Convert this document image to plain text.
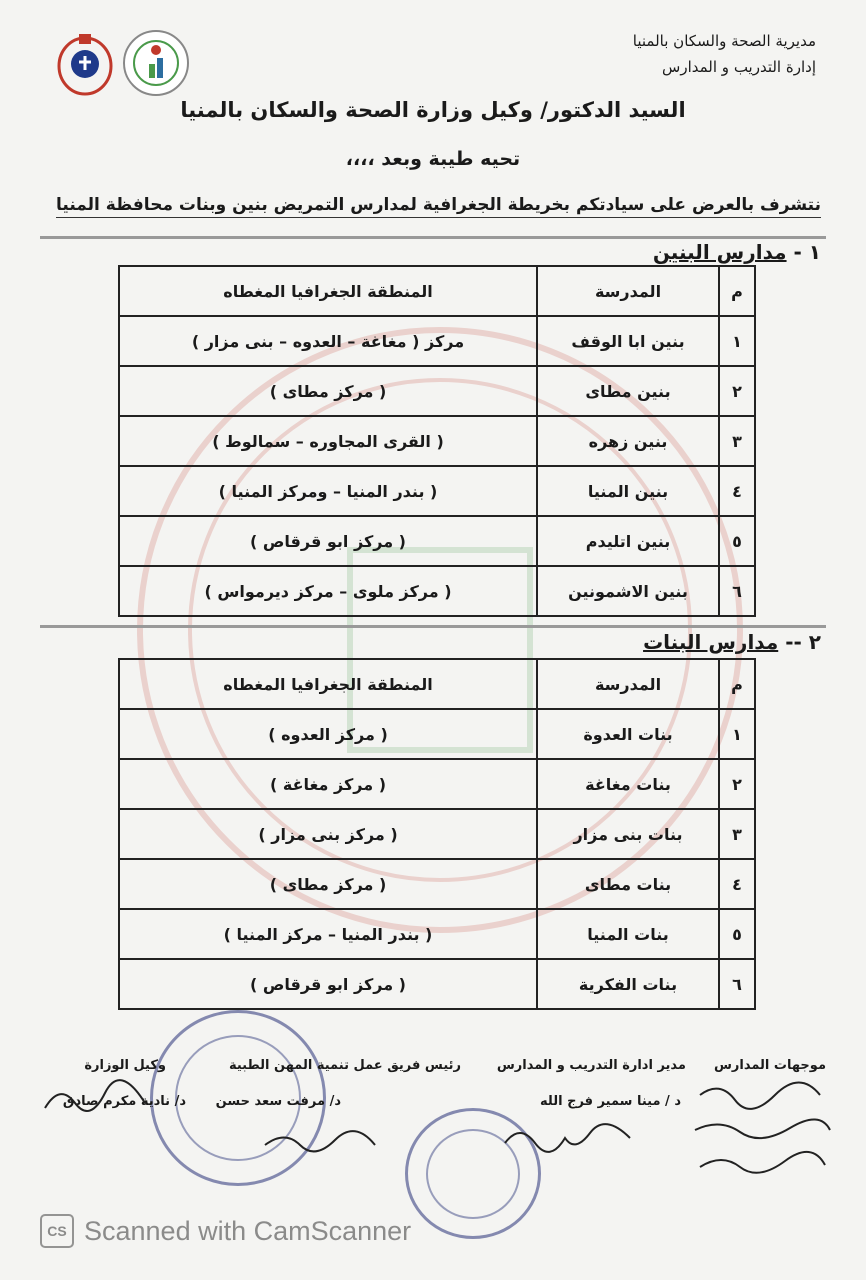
مديرية الصحة والسكان بالمنيا
إدارة التدريب و المدارس
السيد الدكتور/ وكيل وزارة الصحة والسكان بالمنيا
تحيه طيبة وبعد ،،،،
نتشرف بالعرض على سيادتكم بخريطة الجغرافية لمدارس التمريض بنين وبنات محافظة المنيا
١ - مدارس البنين
م	المدرسة	المنطقة الجغرافيا المغطاه
١	بنين ابا الوقف	مركز ( مغاغة – العدوه – بنى مزار )
٢	بنين مطاى	( مركز مطاى )
٣	بنين زهره	( القرى المجاوره – سمالوط )
٤	بنين المنيا	( بندر المنيا – ومركز المنيا )
٥	بنين اتليدم	( مركز ابو قرقاص )
٦	بنين الاشمونين	( مركز ملوى – مركز ديرمواس )
٢ -- مدارس البنات
م	المدرسة	المنطقة الجغرافيا المغطاه
١	بنات العدوة	( مركز العدوه )
٢	بنات مغاغة	( مركز مغاغة )
٣	بنات بنى مزار	( مركز بنى مزار )
٤	بنات مطاى	( مركز مطاى )
٥	بنات المنيا	( بندر المنيا – مركز المنيا )
٦	بنات الفكرية	( مركز ابو قرقاص )
موجهات المدارس
مدير ادارة التدريب و المدارس
د / مينا سمير فرج الله
رئيس فريق عمل تنمية المهن الطبية
د/ مرفت سعد حسن
وكيل الوزارة
د/ نادية مكرم صادق
CS Scanned with CamScanner
